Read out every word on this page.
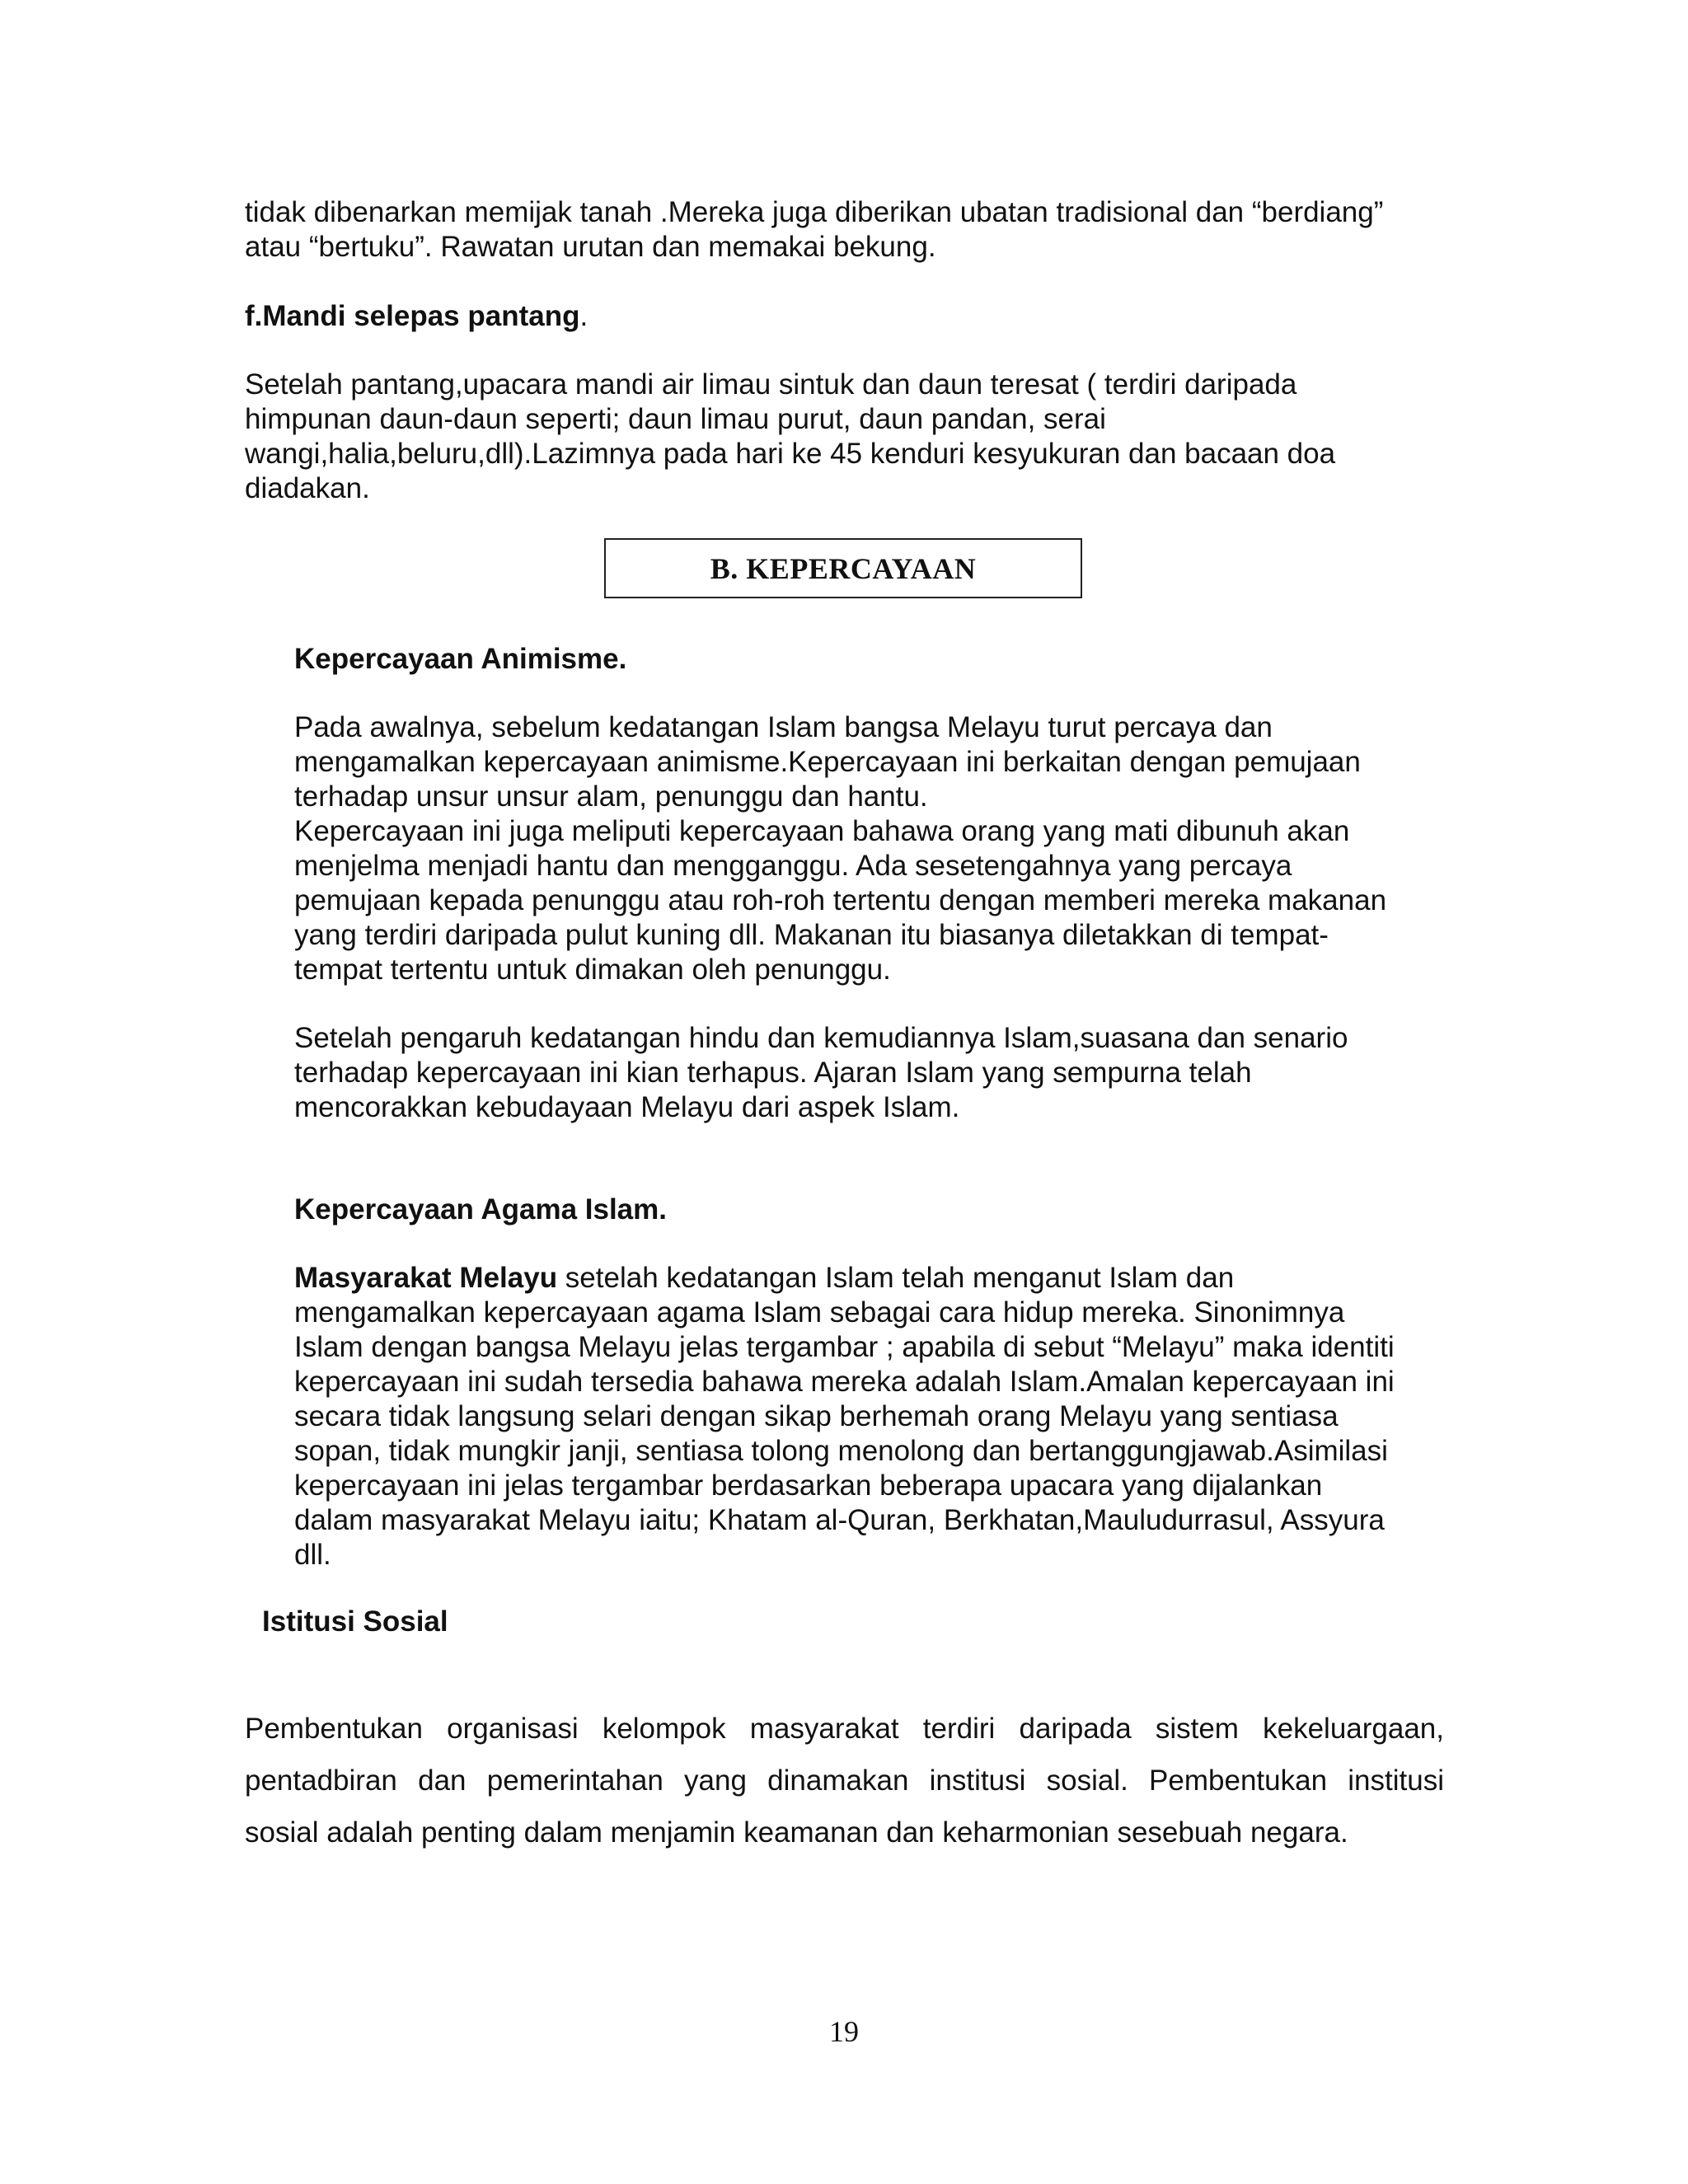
tidak dibenarkan memijak tanah .Mereka juga diberikan ubatan tradisional dan “berdiang”
atau “bertuku”. Rawatan urutan dan memakai bekung.

f.Mandi selepas pantang.

Setelah pantang,upacara mandi air limau sintuk dan daun teresat ( terdiri daripada
himpunan daun-daun seperti; daun limau purut, daun pandan, serai
wangi,halia,beluru,dll).Lazimnya pada hari ke 45 kenduri kesyukuran dan bacaan doa
diadakan.

B. KEPERCAYAAN

Kepercayaan Animisme.

Pada awalnya, sebelum kedatangan Islam bangsa Melayu turut percaya dan
mengamalkan kepercayaan animisme.Kepercayaan ini berkaitan dengan pemujaan
terhadap unsur unsur alam, penunggu dan hantu.
Kepercayaan ini juga meliputi kepercayaan bahawa orang yang mati dibunuh akan
menjelma menjadi hantu dan mengganggu. Ada sesetengahnya yang percaya
pemujaan kepada penunggu atau roh-roh tertentu dengan memberi mereka makanan
yang terdiri daripada pulut kuning dll. Makanan itu biasanya diletakkan di tempat-
tempat tertentu untuk dimakan oleh penunggu.

Setelah pengaruh kedatangan hindu dan kemudiannya Islam,suasana dan senario
terhadap kepercayaan ini kian terhapus. Ajaran Islam yang sempurna telah
mencorakkan kebudayaan Melayu dari aspek Islam.

Kepercayaan Agama Islam.

Masyarakat Melayu setelah kedatangan Islam telah menganut Islam dan
mengamalkan kepercayaan agama Islam sebagai cara hidup mereka. Sinonimnya
Islam dengan bangsa Melayu jelas tergambar ; apabila di sebut “Melayu” maka identiti
kepercayaan ini sudah tersedia bahawa mereka adalah Islam.Amalan kepercayaan ini
secara tidak langsung selari dengan sikap berhemah orang Melayu yang sentiasa
sopan, tidak mungkir janji, sentiasa tolong menolong dan bertanggungjawab.Asimilasi
kepercayaan ini jelas tergambar berdasarkan beberapa upacara yang dijalankan
dalam masyarakat Melayu iaitu; Khatam al-Quran, Berkhatan,Mauludurrasul, Assyura
dll.

Istitusi Sosial

Pembentukan organisasi kelompok masyarakat terdiri daripada sistem kekeluargaan, pentadbiran dan pemerintahan yang dinamakan institusi sosial. Pembentukan institusi

sosial adalah penting dalam menjamin keamanan dan keharmonian sesebuah negara.

19
